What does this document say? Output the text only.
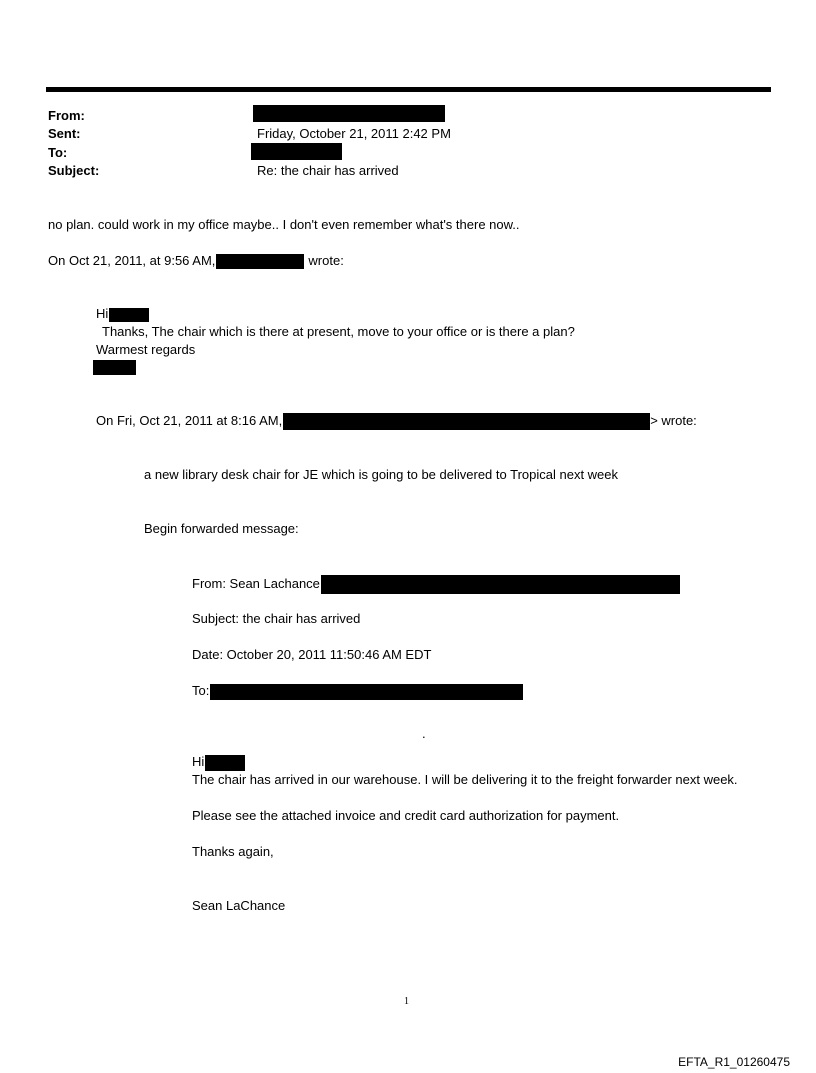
From:
Sent:	Friday, October 21, 2011 2:42 PM
To:
Subject:	Re: the chair has arrived
no plan. could work in my office maybe.. I don't even remember what's there now..
On Oct 21, 2011, at 9:56 AM,	wrote:
Hi
Thanks, The chair which is there at present, move to your office or is there a plan?
Warmest regards
On Fri, Oct 21, 2011 at 8:16 AM,	> wrote:
a new library desk chair for JE which is going to be delivered to Tropical next week
Begin forwarded message:
From: Sean Lachance
Subject: the chair has arrived
Date: October 20, 2011 11:50:46 AM EDT
To:
.
Hi
The chair has arrived in our warehouse. I will be delivering it to the freight forwarder next week.
Please see the attached invoice and credit card authorization for payment.
Thanks again,
Sean LaChance
1
EFTA_R1_01260475
